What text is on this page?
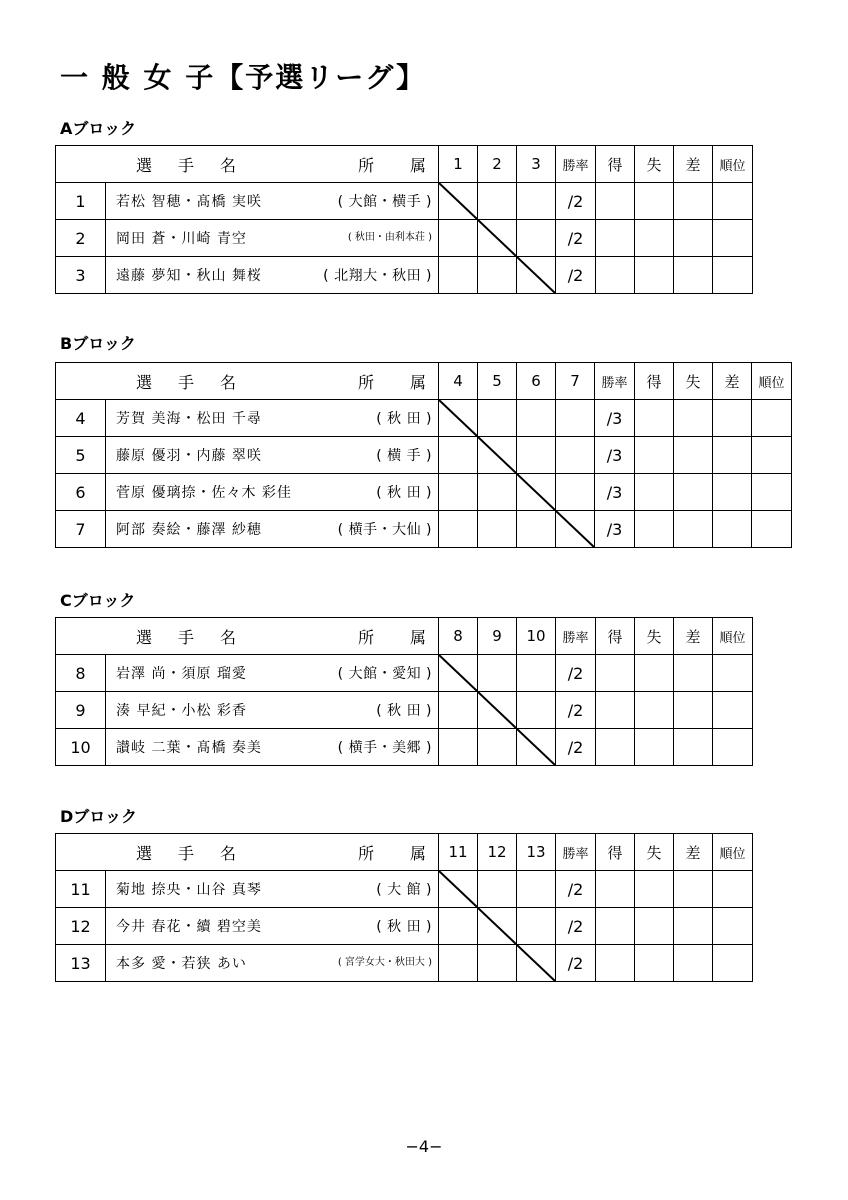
一 般 女 子【予選リーグ】
Aブロック
選 手 名 所 属		1	2	3	勝率	得	失	差	順位
1	若松 智穂・髙橋 実咲 ( 大館・横手 )				/2				
2	岡田 蒼・川崎 青空 ( 秋田・由利本荘 )				/2				
3	遠藤 夢知・秋山 舞桜 ( 北翔大・秋田 )				/2				
Bブロック
選 手 名 所 属		4	5	6	7	勝率	得	失	差	順位
4	芳賀 美海・松田 千尋 ( 秋 田 )					/3				
5	藤原 優羽・内藤 翠咲 ( 横 手 )					/3				
6	菅原 優璃捺・佐々木 彩佳 ( 秋 田 )					/3				
7	阿部 奏絵・藤澤 紗穂 ( 横手・大仙 )					/3				
Cブロック
選 手 名 所 属		8	9	10	勝率	得	失	差	順位
8	岩澤 尚・須原 瑠愛 ( 大館・愛知 )				/2				
9	湊 早紀・小松 彩香 ( 秋 田 )				/2				
10	讃岐 二葉・髙橋 奏美 ( 横手・美郷 )				/2				
Dブロック
選 手 名 所 属		11	12	13	勝率	得	失	差	順位
11	菊地 捺央・山谷 真琴 ( 大 館 )				/2				
12	今井 春花・續 碧空美 ( 秋 田 )				/2				
13	本多 愛・若狭 あい ( 宮学女大・秋田大 )				/2				
−4−
